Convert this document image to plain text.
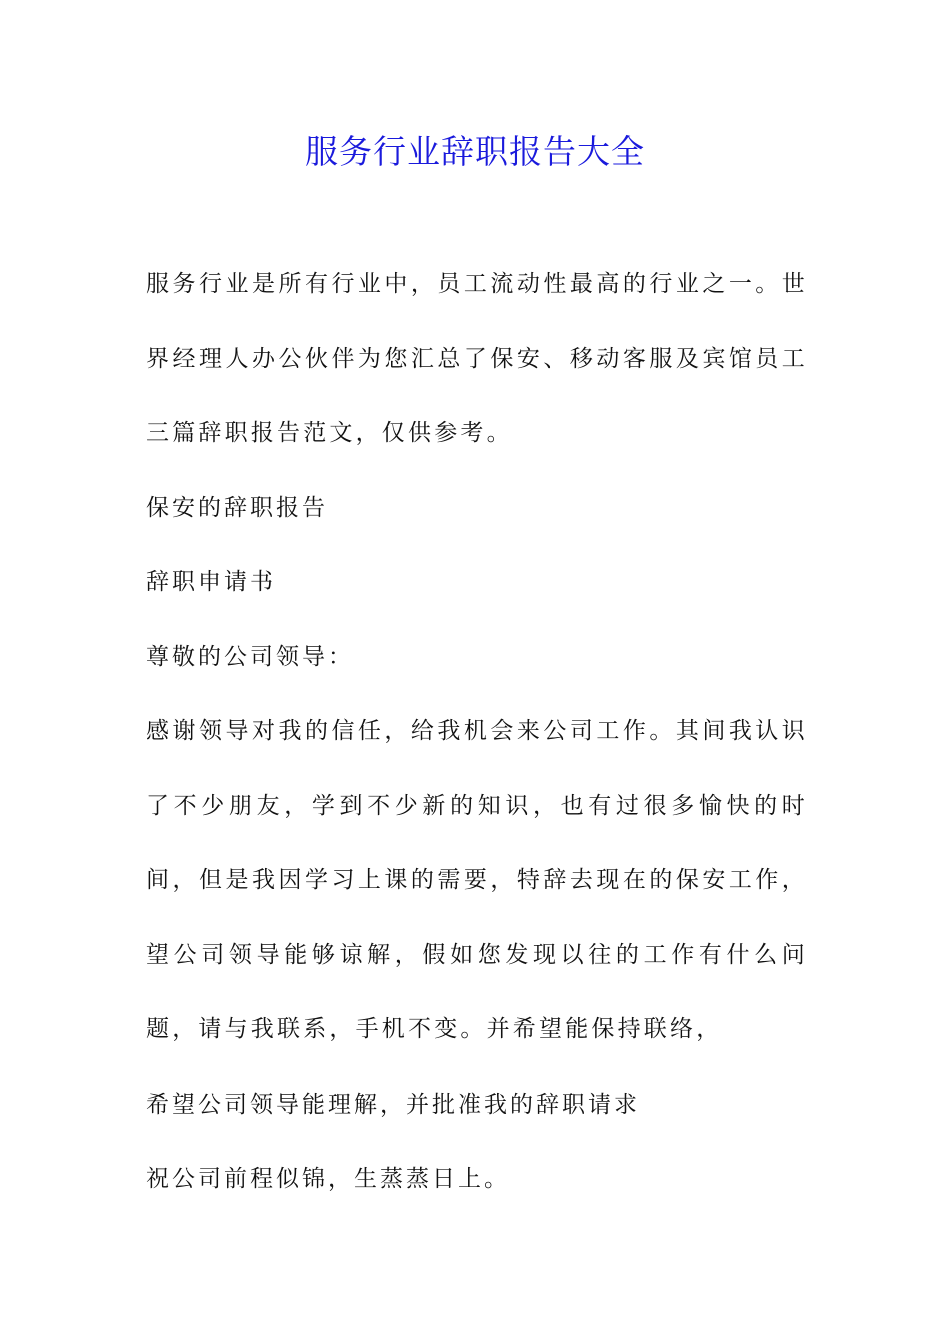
服务行业辞职报告大全

服务行业是所有行业中，员工流动性最高的行业之一。世界经理人办公伙伴为您汇总了保安、移动客服及宾馆员工三篇辞职报告范文，仅供参考。

保安的辞职报告

辞职申请书

尊敬的公司领导：

感谢领导对我的信任，给我机会来公司工作。其间我认识了不少朋友，学到不少新的知识，也有过很多愉快的时间，但是我因学习上课的需要，特辞去现在的保安工作，望公司领导能够谅解，假如您发现以往的工作有什么问题，请与我联系，手机不变。并希望能保持联络，

希望公司领导能理解，并批准我的辞职请求

祝公司前程似锦，生蒸蒸日上。
